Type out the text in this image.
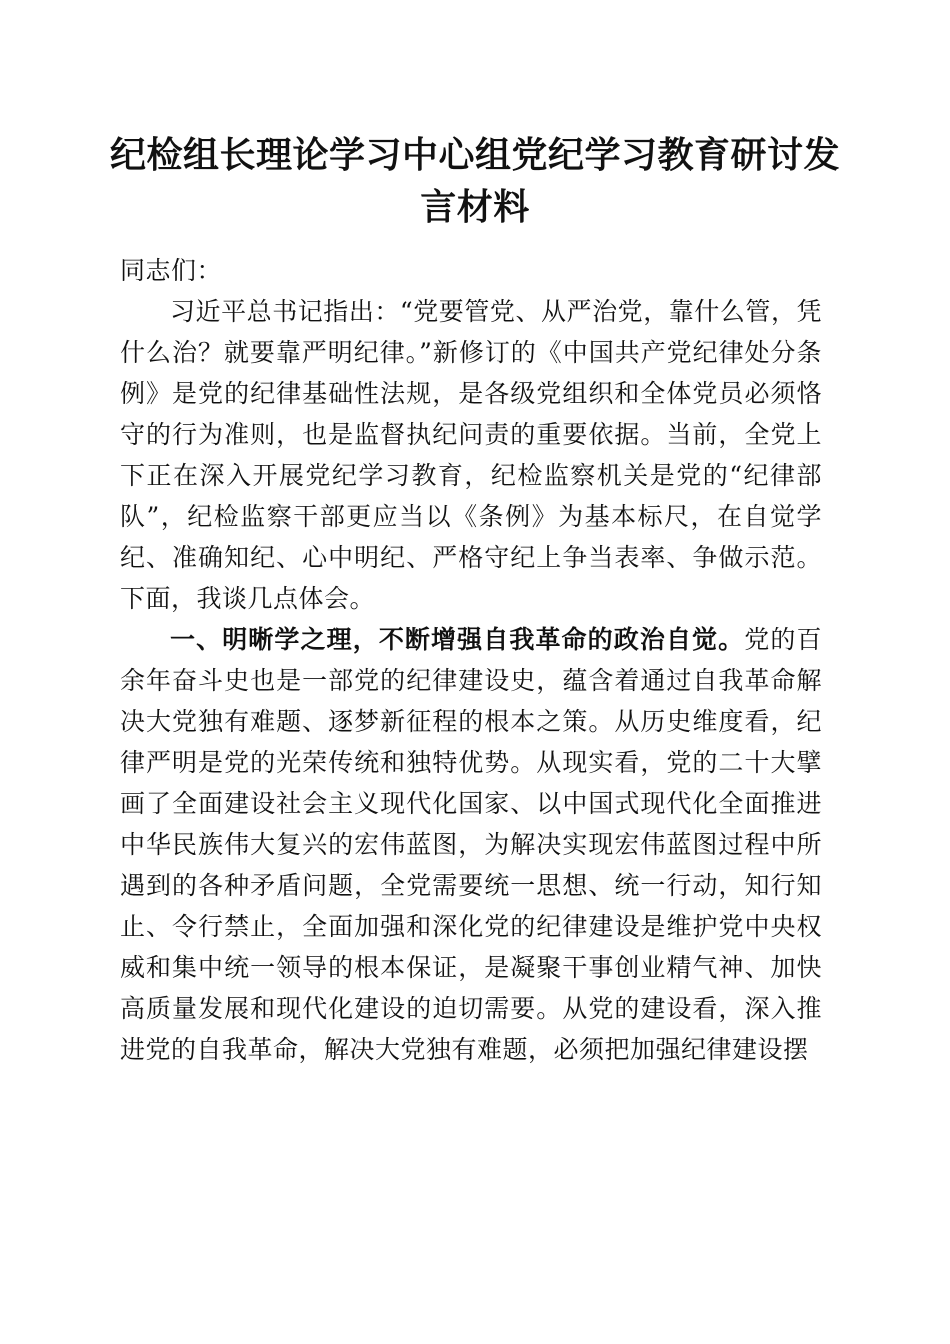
纪检组长理论学习中心组党纪学习教育研讨发言材料

同志们：

习近平总书记指出：“党要管党、从严治党，靠什么管，凭什么治？就要靠严明纪律。”新修订的《中国共产党纪律处分条例》是党的纪律基础性法规，是各级党组织和全体党员必须恪守的行为准则，也是监督执纪问责的重要依据。当前，全党上下正在深入开展党纪学习教育，纪检监察机关是党的“纪律部队”，纪检监察干部更应当以《条例》为基本标尺，在自觉学纪、准确知纪、心中明纪、严格守纪上争当表率、争做示范。下面，我谈几点体会。

一、明晰学之理，不断增强自我革命的政治自觉。党的百余年奋斗史也是一部党的纪律建设史，蕴含着通过自我革命解决大党独有难题、逐梦新征程的根本之策。从历史维度看，纪律严明是党的光荣传统和独特优势。从现实看，党的二十大擘画了全面建设社会主义现代化国家、以中国式现代化全面推进中华民族伟大复兴的宏伟蓝图，为解决实现宏伟蓝图过程中所遇到的各种矛盾问题，全党需要统一思想、统一行动，知行知止、令行禁止，全面加强和深化党的纪律建设是维护党中央权威和集中统一领导的根本保证，是凝聚干事创业精气神、加快高质量发展和现代化建设的迫切需要。从党的建设看，深入推进党的自我革命，解决大党独有难题，必须把加强纪律建设摆
